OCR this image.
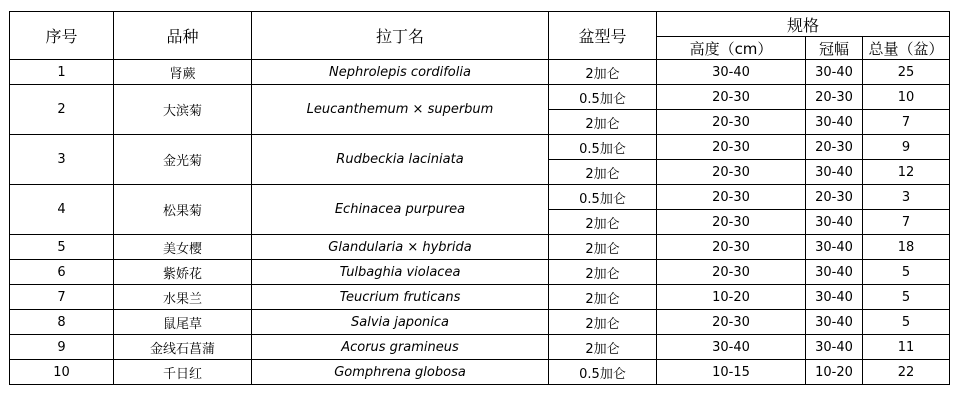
序号	品种	拉丁名	盆型号	规格		
				高度（cm）	冠幅	总量（盆）
1	肾蕨	Nephrolepis cordifolia	2加仑	30-40	30-40	25
2	大滨菊	Leucanthemum × superbum	0.5加仑	20-30	20-30	10
			2加仑	20-30	30-40	7
3	金光菊	Rudbeckia laciniata	0.5加仑	20-30	20-30	9
			2加仑	20-30	30-40	12
4	松果菊	Echinacea purpurea	0.5加仑	20-30	20-30	3
			2加仑	20-30	30-40	7
5	美女樱	Glandularia × hybrida	2加仑	20-30	30-40	18
6	紫娇花	Tulbaghia violacea	2加仑	20-30	30-40	5
7	水果兰	Teucrium fruticans	2加仑	10-20	30-40	5
8	鼠尾草	Salvia japonica	2加仑	20-30	30-40	5
9	金线石菖蒲	Acorus gramineus	2加仑	30-40	30-40	11
10	千日红	Gomphrena globosa	0.5加仑	10-15	10-20	22
